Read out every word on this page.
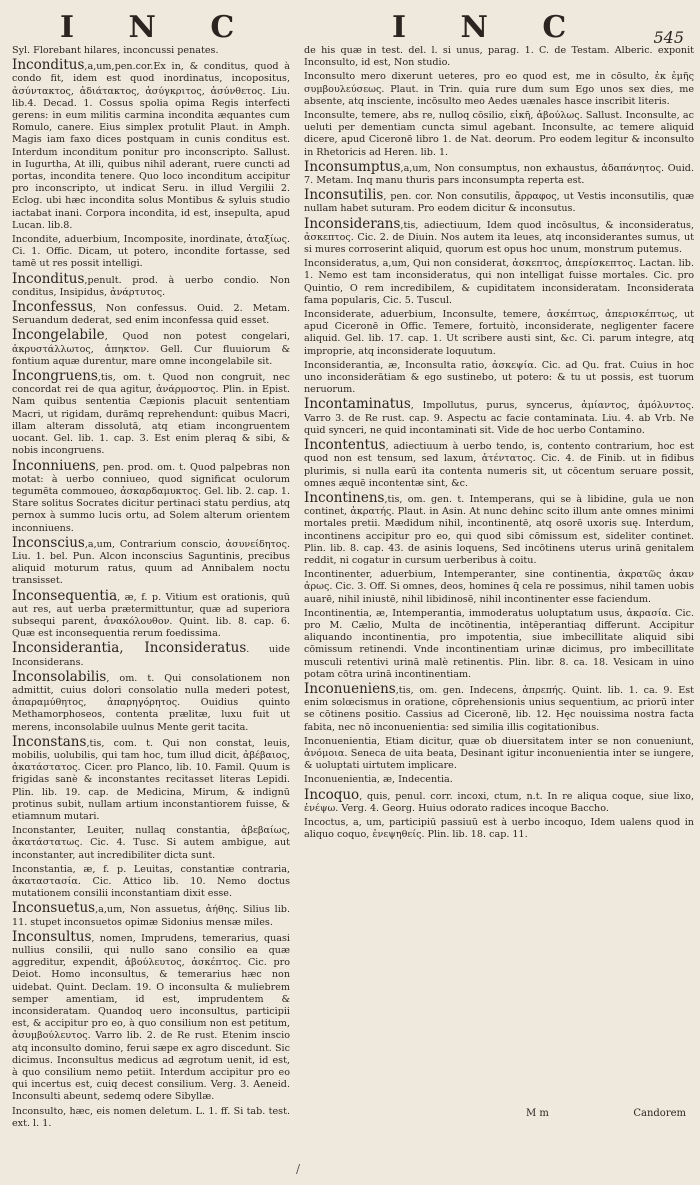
I N C	I N C	545

Syl. Florebant hilares, inconcussi penates.

Inconditus,a,um,pen.cor.Ex in, & conditus, quod à condo fit, idem est quod inordinatus, incopositus, ἀσύντακτος, ἀδιάτακτος, ἀσύγκριτος, ἀσύνθετος. Liu. lib.4. Decad. 1. Cossus spolia opima Regis interfecti gerens: in eum militis carmina incondita æquantes cum Romulo, canere. Eius simplex protulit Plaut. in Amph. Magis iam faxo dices postquam in cunis conditus est. Interdum inconditum ponitur pro inconscripto. Sallust. in Iugurtha, At illi, quibus nihil aderant, ruere cuncti ad portas, incondita tenere. Quo loco inconditum accipitur pro inconscripto, ut indicat Seru. in illud Vergilii 2. Eclog. ubi hæc incondita solus Montibus & syluis studio iactabat inani. Corpora incondita, id est, insepulta, apud Lucan. lib.8.

Incondite, aduerbium, Incomposite, inordinate, ἀταξίως. Ci. 1. Offic. Dicam, ut potero, incondite fortasse, sed tamē ut res possit intelligi.

Inconditus,penult. prod. à uerbo condio. Non conditus, Insipidus, ἀνάρτυτος.

Inconfessus, Non confessus. Ouid. 2. Metam. Seruandum dederat, sed enim inconfessa quid esset.

Incongelabile, Quod non potest congelari, ἀκρυστάλλωτος, ἀπηκτον. Gell. Cur fluuiorum & fontium aquæ durentur, mare omne incongelabile sit.

Incongruens,tis, om. t. Quod non congruit, nec concordat rei de qua agitur, ἀνάρμοστος. Plin. in Epist. Nam quibus sententia Cæpionis placuit sententiam Macri, ut rigidam, durămq reprehendunt: quibus Macri, illam alteram dissolutā, atq etiam incongruentem uocant. Gel. lib. 1. cap. 3. Est enim pleraq & sibi, & nobis incongruens.

Inconniuens, pen. prod. om. t. Quod palpebras non motat: à uerbo conniueo, quod significat oculorum tegumēta commoueo, ἀσκαρδαμυκτος. Gel. lib. 2. cap. 1. Stare solitus Socrates dicitur pertinaci statu perdius, atq pernox à summo lucis ortu, ad Solem alterum orientem inconniuens.

Inconscius,a,um, Contrarium conscio, ἀσυνείδητος. Liu. 1. bel. Pun. Alcon inconscius Saguntinis, precibus aliquid moturum ratus, quum ad Annibalem noctu transisset.

Inconsequentia, æ, f. p. Vitium est orationis, quū aut res, aut uerba prætermittuntur, quæ ad superiora subsequi parent, ἀνακόλουθον. Quint. lib. 8. cap. 6. Quæ est inconsequentia rerum foedissima.

Inconsiderantia, Inconsideratus. uide Inconsiderans.

Inconsolabilis, om. t. Qui consolationem non admittit, cuius dolori consolatio nulla mederi potest, ἀπαραμύθητος, ἀπαρηγόρητος. Ouidius quinto Methamorphoseos, contenta prælitæ, luxu fuit ut merens, inconsolabile uulnus Mente gerit tacita.

Inconstans,tis, com. t. Qui non constat, leuis, mobilis, uolubilis, qui tam hoc, tum illud dicit, ἀβέβαιος, ἀκατάστατος. Cicer. pro Planco, lib. 10. Famil. Quum is frigidas sanè & inconstantes recitasset literas Lepidi. Plin. lib. 19. cap. de Medicina, Mirum, & indignū protinus subit, nullam artium inconstantiorem fuisse, & etiamnum mutari.

Inconstanter, Leuiter, nullaq constantia, ἀβεβαίως, ἀκατάστατως. Cic. 4. Tusc. Si autem ambigue, aut inconstanter, aut incredibiliter dicta sunt.

Inconstantia, æ, f. p. Leuitas, constantiæ contraria, ἀκαταστασία. Cic. Attico lib. 10. Nemo doctus mutationem consilii inconstantiam dixit esse.

Inconsuetus,a,um, Non assuetus, ἀήθης. Silius lib. 11. stupet inconsuetos opimæ Sidonius mensæ miles.

Inconsultus, nomen, Imprudens, temerarius, quasi nullius consilii, qui nullo sano consilio ea quæ aggreditur, expendit, ἀβούλευτος, ἀσκέπτος. Cic. pro Deiot. Homo inconsultus, & temerarius hæc non uidebat. Quint. Declam. 19. O inconsulta & muliebrem semper amentiam, id est, imprudentem & inconsideratam. Quandoq uero inconsultus, participii est, & accipitur pro eo, à quo consilium non est petitum, ἀσυμβούλευτος. Varro lib. 2. de Re rust. Etenim inscio atq inconsulto domino, ferui sæpe ex agro discedunt. Sic dicimus. Inconsultus medicus ad ægrotum uenit, id est, à quo consilium nemo petiit. Interdum accipitur pro eo qui incertus est, cuiq decest consilium. Verg. 3. Aeneid. Inconsulti abeunt, sedemq odere Sibyllæ.

Inconsulto, hæc, eis nomen deletum. L. 1. ff. Si tab. test. ext. l. 1.

de his quæ in test. del. l. si unus, parag. 1. C. de Testam. Alberic. exponit Inconsulto, id est, Non studio.

Inconsulto mero dixerunt ueteres, pro eo quod est, me in cōsulto, ἐκ ἐμῆς συμβουλεύσεως. Plaut. in Trin. quia rure dum sum Ego unos sex dies, me absente, atq insciente, incōsulto meo Aedes uænales hasce inscribit literis.

Inconsulte, temere, abs re, nulloq cōsilio, εἰκῆ, ἀβούλως. Sallust. Inconsulte, ac ueluti per dementiam cuncta simul agebant. Inconsulte, ac temere aliquid dicere, apud Ciceronē libro 1. de Nat. deorum. Pro eodem legitur & inconsulto in Rhetoricis ad Heren. lib. 1.

Inconsumptus,a,um, Non consumptus, non exhaustus, ἀδαπάνητος. Ouid. 7. Metam. Inq manu thuris pars inconsumpta reperta est.

Inconsutilis, pen. cor. Non consutilis, ἄρραφος, ut Vestis inconsutilis, quæ nullam habet suturam. Pro eodem dicitur & inconsutus.

Inconsiderans,tis, adiectiuum, Idem quod incōsultus, & inconsideratus, ἀσκεπτος. Cic. 2. de Diuin. Nos autem ita leues, atq inconsiderantes sumus, ut si mures corroserint aliquid, quorum est opus hoc unum, monstrum putemus.

Inconsideratus, a,um, Qui non considerat, ἀσκεπτος, ἀπερίσκεπτος. Lactan. lib. 1. Nemo est tam inconsideratus, qui non intelligat fuisse mortales. Cic. pro Quintio, O rem incredibilem, & cupiditatem inconsideratam. Inconsiderata fama popularis, Cic. 5. Tuscul.

Inconsiderate, aduerbium, Inconsulte, temere, ἀσκέπτως, ἀπερισκέπτως, ut apud Ciceronē in Offic. Temere, fortuitò, inconsiderate, negligenter facere aliquid. Gel. lib. 17. cap. 1. Ut scribere austi sint, &c. Ci. parum integre, atq improprie, atq inconsiderate loquutum.

Inconsiderantia, æ, Inconsulta ratio, ἀσκεψία. Cic. ad Qu. frat. Cuius in hoc uno inconsiderātiam & ego sustinebo, ut potero: & tu ut possis, est tuorum neruorum.

Incontaminatus, Impollutus, purus, syncerus, ἀμίαντος, ἀμόλυντος. Varro 3. de Re rust. cap. 9. Aspectu ac facie contaminata. Liu. 4. ab Vrb. Ne quid synceri, ne quid incontaminati sit. Vide de hoc uerbo Contamino.

Incontentus, adiectiuum à uerbo tendo, is, contento contrarium, hoc est quod non est tensum, sed laxum, ἀτέντατος. Cic. 4. de Finib. ut in fidibus plurimis, si nulla earū ita contenta numeris sit, ut cōcentum seruare possit, omnes æquē incontentæ sint, &c.

Incontinens,tis, om. gen. t. Intemperans, qui se à libidine, gula ue non continet, ἀκρατής. Plaut. in Asin. At nunc dehinc scito illum ante omnes minimi mortales pretii. Mædidum nihil, incontinentē, atq osorē uxoris suę. Interdum, incontinens accipitur pro eo, qui quod sibi cōmissum est, sideliter continet. Plin. lib. 8. cap. 43. de asinis loquens, Sed incōtinens uterus urinā genitalem reddit, ni cogatur in cursum uerberibus à coitu.

Incontinenter, aduerbium, Intemperanter, sine continentia, ἀκρατῶς ἀκαν ἀρως. Cic. 3. Off. Si omnes, deos, homines q̄ cela re possimus, nihil tamen uobis auarē, nihil iniustē, nihil libidinosē, nihil incontinenter esse faciendum.

Incontinentia, æ, Intemperantia, immoderatus uoluptatum usus, ἀκρασία. Cic. pro M. Cælio, Multa de incōtinentia, intēperantiaq differunt. Accipitur aliquando incontinentia, pro impotentia, siue imbecillitate aliquid sibi cōmissum retinendi. Vnde incontinentiam urinæ dicimus, pro imbecillitate musculi retentivi urinā malè retinentis. Plin. libr. 8. ca. 18. Vesicam in uino potam cōtra urinā incontinentiam.

Inconueniens,tis, om. gen. Indecens, ἀπρεπής. Quint. lib. 1. ca. 9. Est enim solœcismus in oratione, cōprehensionis unius sequentium, ac priorū inter se cōtinens positio. Cassius ad Ciceronē, lib. 12. Hęc nouissima nostra facta fabita, nec nō inconuenientia: sed similia illis cogitationibus.

Inconuenientia, Etiam dicitur, quæ ob diuersitatem inter se non conueniunt, ἀνόμοια. Seneca de uita beata, Desinant igitur inconuenientia inter se iungere, & uoluptati uirtutem implicare.

Inconuenientia, æ, Indecentia.

Incoquo, quis, penul. corr. incoxi, ctum, n.t. In re aliqua coque, siue lixo, ἐνέψω. Verg. 4. Georg. Huius odorato radices incoque Baccho.

Incoctus, a, um, participiū passiuū est à uerbo incoquo, Idem ualens quod in aliquo coquo, ἐνεψηθείς. Plin. lib. 18. cap. 11.

M m	Candorem
/
